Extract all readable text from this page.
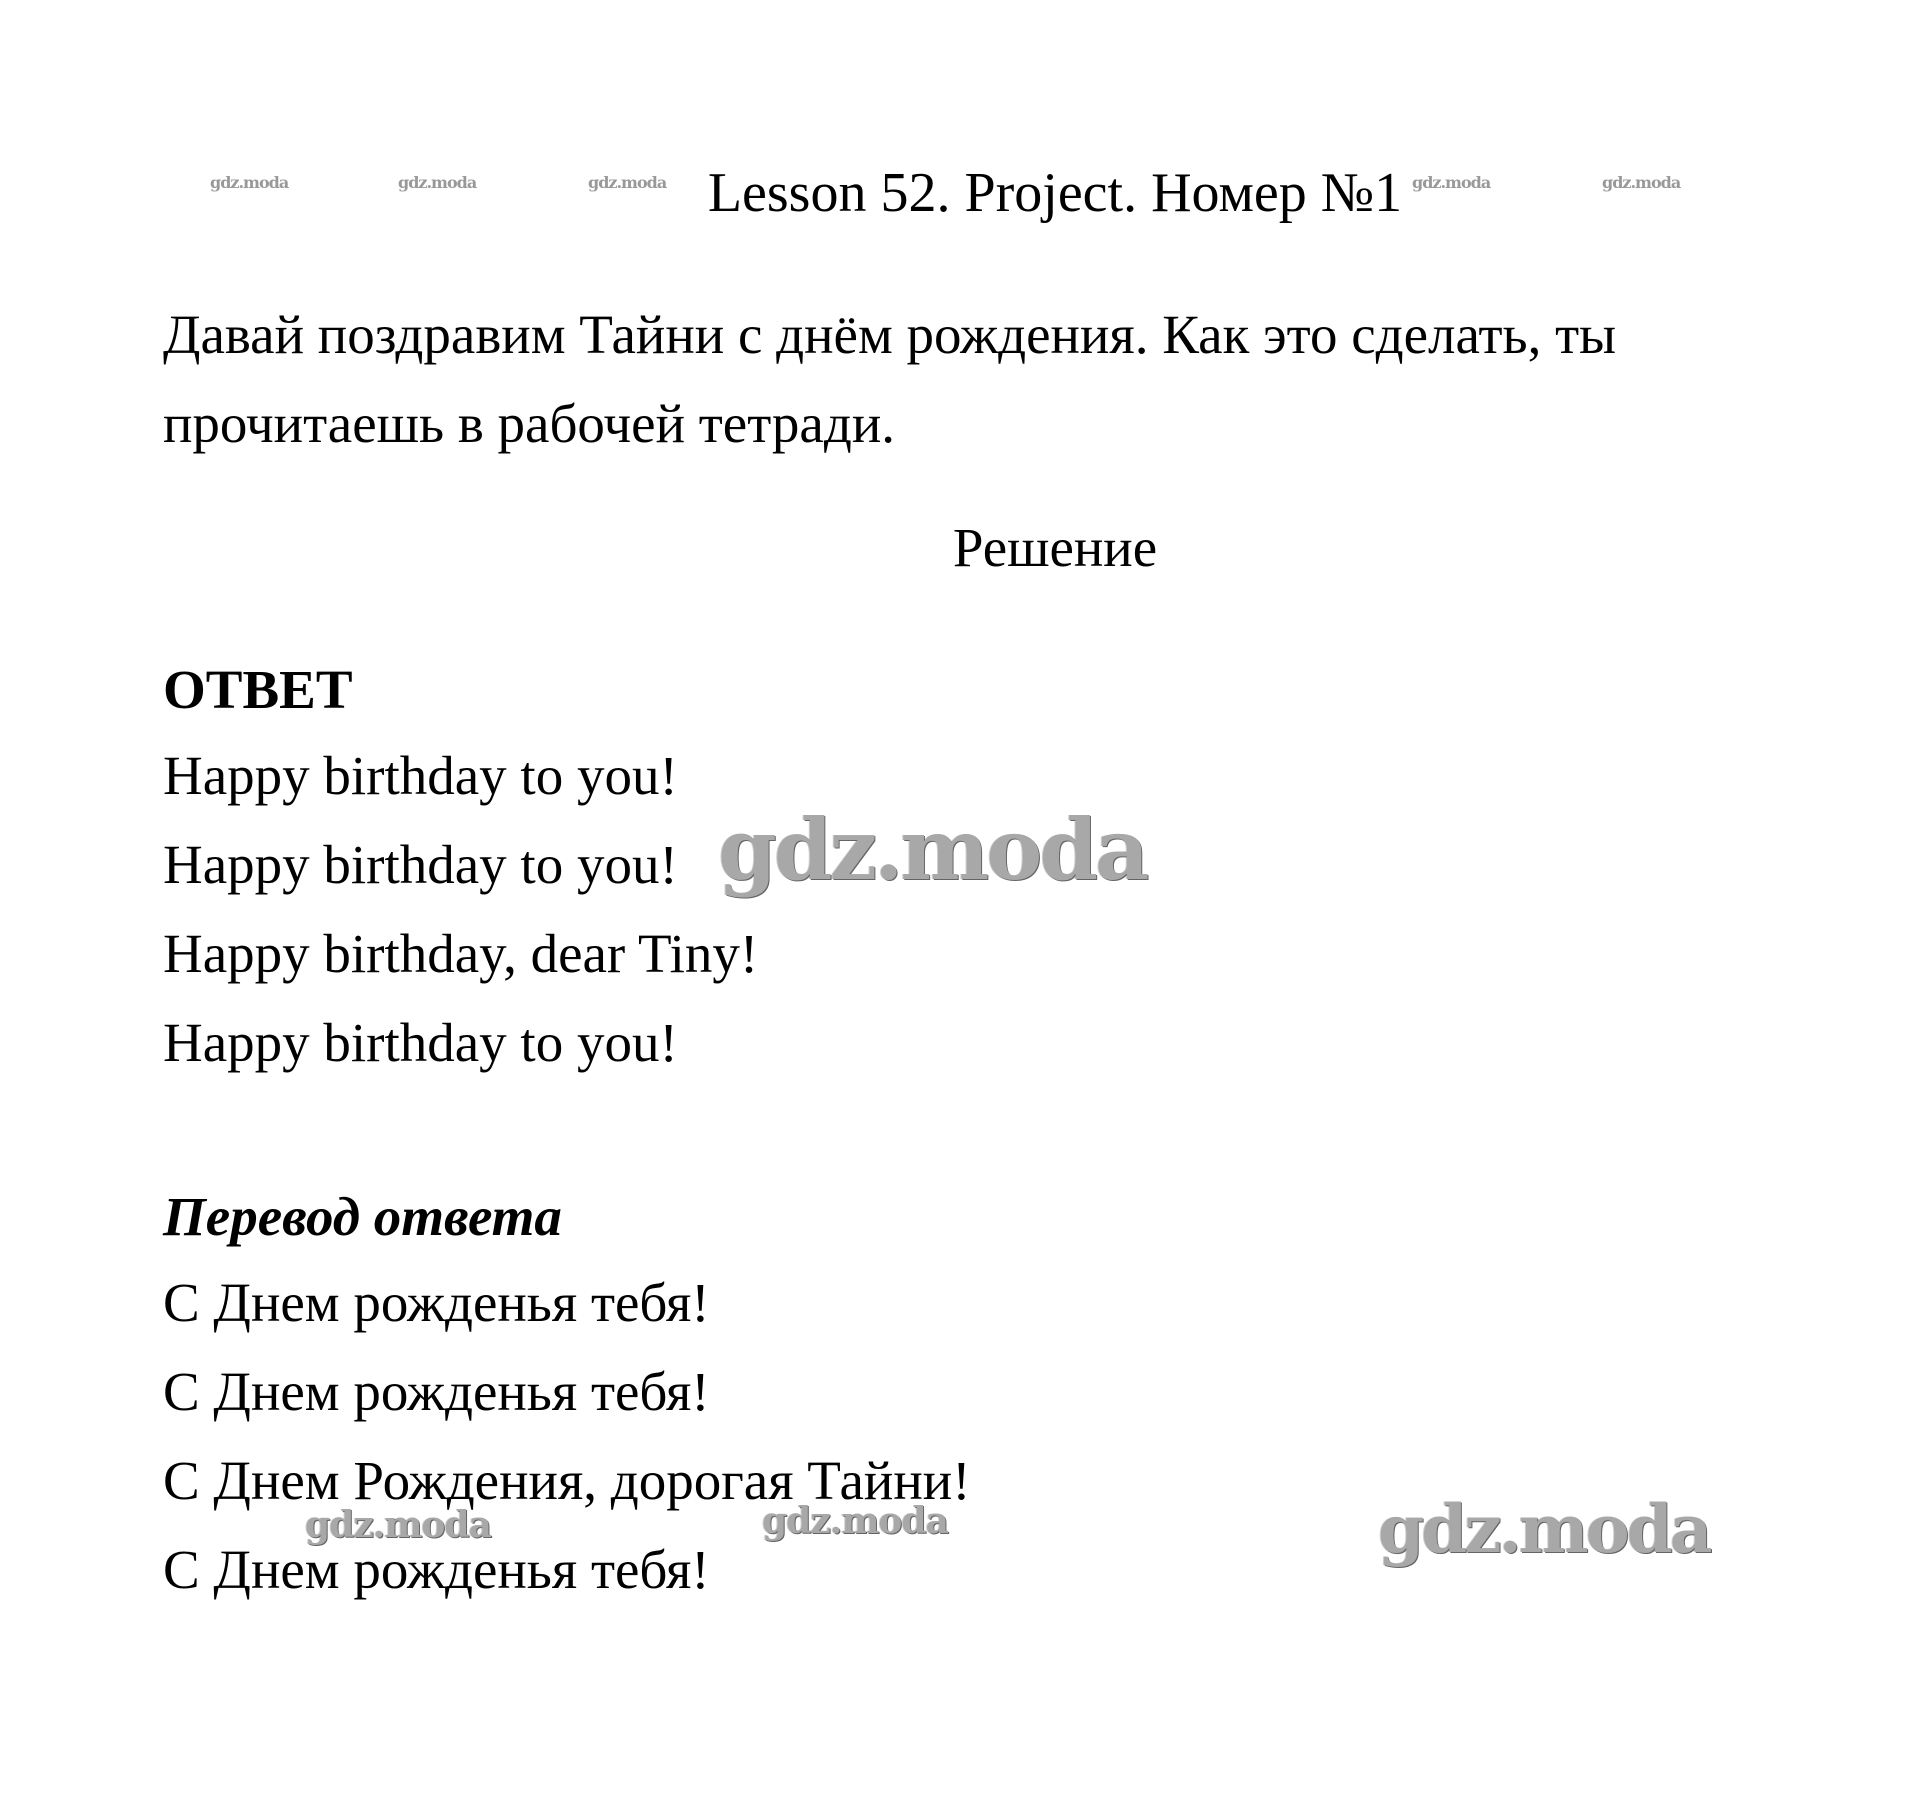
gdz.moda	gdz.moda	gdz.moda	gdz.moda	gdz.moda
Lesson 52. Project. Номер №1
Давай поздравим Тайни с днём рождения. Как это сделать, ты прочитаешь в рабочей тетради.
Решение
ОТВЕТ
Happy birthday to you!
Happy birthday to you!
Happy birthday, dear Tiny!
Happy birthday to you!
Перевод ответа
С Днем рожденья тебя!
С Днем рожденья тебя!
С Днем Рождения, дорогая Тайни!
С Днем рожденья тебя!
gdz.moda
gdz.moda
gdz.moda	gdz.moda
